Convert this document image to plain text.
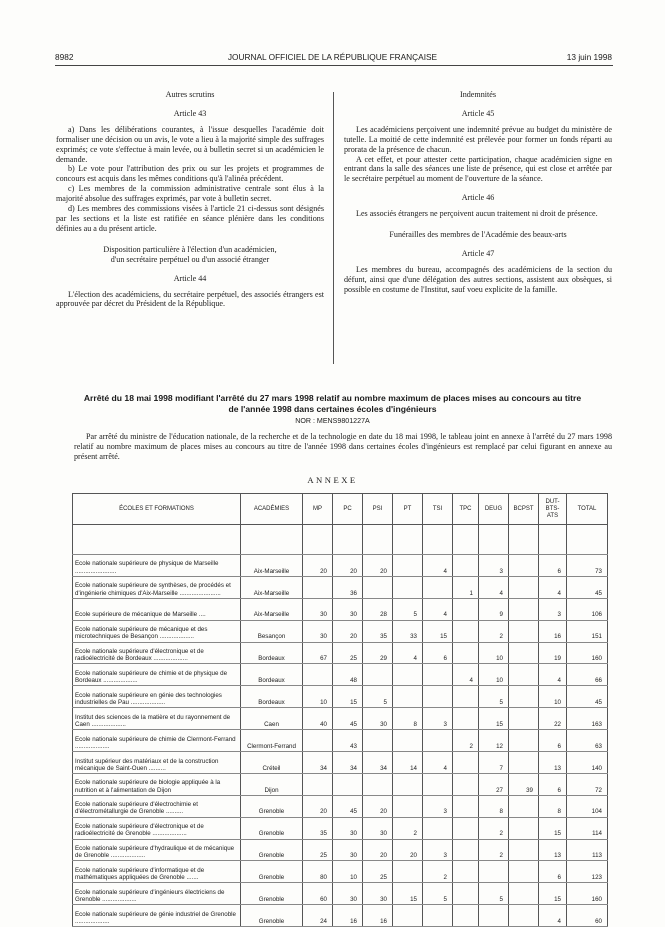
8982	JOURNAL OFFICIEL DE LA RÉPUBLIQUE FRANÇAISE	13 juin 1998

Autres scrutins

Article 43

a) Dans les délibérations courantes, à l'issue desquelles l'académie doit formaliser une décision ou un avis, le vote a lieu à la majorité simple des suffrages exprimés; ce vote s'effectue à main levée, ou à bulletin secret si un académicien le demande.

b) Le vote pour l'attribution des prix ou sur les projets et programmes de concours est acquis dans les mêmes conditions qu'à l'alinéa précédent.

c) Les membres de la commission administrative centrale sont élus à la majorité absolue des suffrages exprimés, par vote à bulletin secret.

d) Les membres des commissions visées à l'article 21 ci-dessus sont désignés par les sections et la liste est ratifiée en séance plénière dans les conditions définies au a du présent article.

Disposition particulière à l'élection d'un académicien,

d'un secrétaire perpétuel ou d'un associé étranger

Article 44

L'élection des académiciens, du secrétaire perpétuel, des associés étrangers est approuvée par décret du Président de la République.

Indemnités

Article 45

Les académiciens perçoivent une indemnité prévue au budget du ministère de tutelle. La moitié de cette indemnité est prélevée pour former un fonds réparti au prorata de la présence de chacun.

A cet effet, et pour attester cette participation, chaque académicien signe en entrant dans la salle des séances une liste de présence, qui est close et arrêtée par le secrétaire perpétuel au moment de l'ouverture de la séance.

Article 46

Les associés étrangers ne perçoivent aucun traitement ni droit de présence.

Funérailles des membres de l'Académie des beaux-arts

Article 47

Les membres du bureau, accompagnés des académiciens de la section du défunt, ainsi que d'une délégation des autres sections, assistent aux obsèques, si possible en costume de l'Institut, sauf voeu explicite de la famille.

Arrêté du 18 mai 1998 modifiant l'arrêté du 27 mars 1998 relatif au nombre maximum de places mises au concours au titre de l'année 1998 dans certaines écoles d'ingénieurs
NOR : MENS9801227A

Par arrêté du ministre de l'éducation nationale, de la recherche et de la technologie en date du 18 mai 1998, le tableau joint en annexe à l'arrêté du 27 mars 1998 relatif au nombre maximum de places mises au concours au titre de l'année 1998 dans certaines écoles d'ingénieurs est remplacé par celui figurant en annexe au présent arrêté.

ANNEXE
ÉCOLES ET FORMATIONS	ACADÉMIES	MP	PC	PSI	PT	TSI	TPC	DEUG	BCPST	DUT-BTS-ATS	TOTAL

Ecole nationale supérieure de physique de Marseille ........................	Aix-Marseille	20	20	20		4		3		6	73
Ecole nationale supérieure de synthèses, de procédés et d'ingénierie chimiques d'Aix-Marseille ........................	Aix-Marseille		36				1	4		4	45
Ecole supérieure de mécanique de Marseille ....	Aix-Marseille	30	30	28	5	4		9		3	106
Ecole nationale supérieure de mécanique et des microtechniques de Besançon ....................	Besançon	30	20	35	33	15		2		16	151
Ecole nationale supérieure d'électronique et de radioélectricité de Bordeaux ....................	Bordeaux	67	25	29	4	6		10		19	160
Ecole nationale supérieure de chimie et de physique de Bordeaux ....................	Bordeaux		48				4	10		4	66
Ecole nationale supérieure en génie des technologies industrielles de Pau ....................	Bordeaux	10	15	5				5		10	45
Institut des sciences de la matière et du rayonnement de Caen ....................	Caen	40	45	30	8	3		15		22	163
Ecole nationale supérieure de chimie de Clermont-Ferrand ....................	Clermont-Ferrand		43				2	12		6	63
Institut supérieur des matériaux et de la construction mécanique de Saint-Ouen ..........	Créteil	34	34	34	14	4		7		13	140
Ecole nationale supérieure de biologie appliquée à la nutrition et à l'alimentation de Dijon	Dijon							27	39	6	72
Ecole nationale supérieure d'électrochimie et d'électrométallurgie de Grenoble ..........	Grenoble	20	45	20		3		8		8	104
Ecole nationale supérieure d'électronique et de radioélectricité de Grenoble ....................	Grenoble	35	30	30	2			2		15	114
Ecole nationale supérieure d'hydraulique et de mécanique de Grenoble ....................	Grenoble	25	30	20	20	3		2		13	113
Ecole nationale supérieure d'informatique et de mathématiques appliquées de Grenoble .......	Grenoble	80	10	25		2				6	123
Ecole nationale supérieure d'ingénieurs électriciens de Grenoble ....................	Grenoble	60	30	30	15	5		5		15	160
Ecole nationale supérieure de génie industriel de Grenoble ....................	Grenoble	24	16	16						4	60
